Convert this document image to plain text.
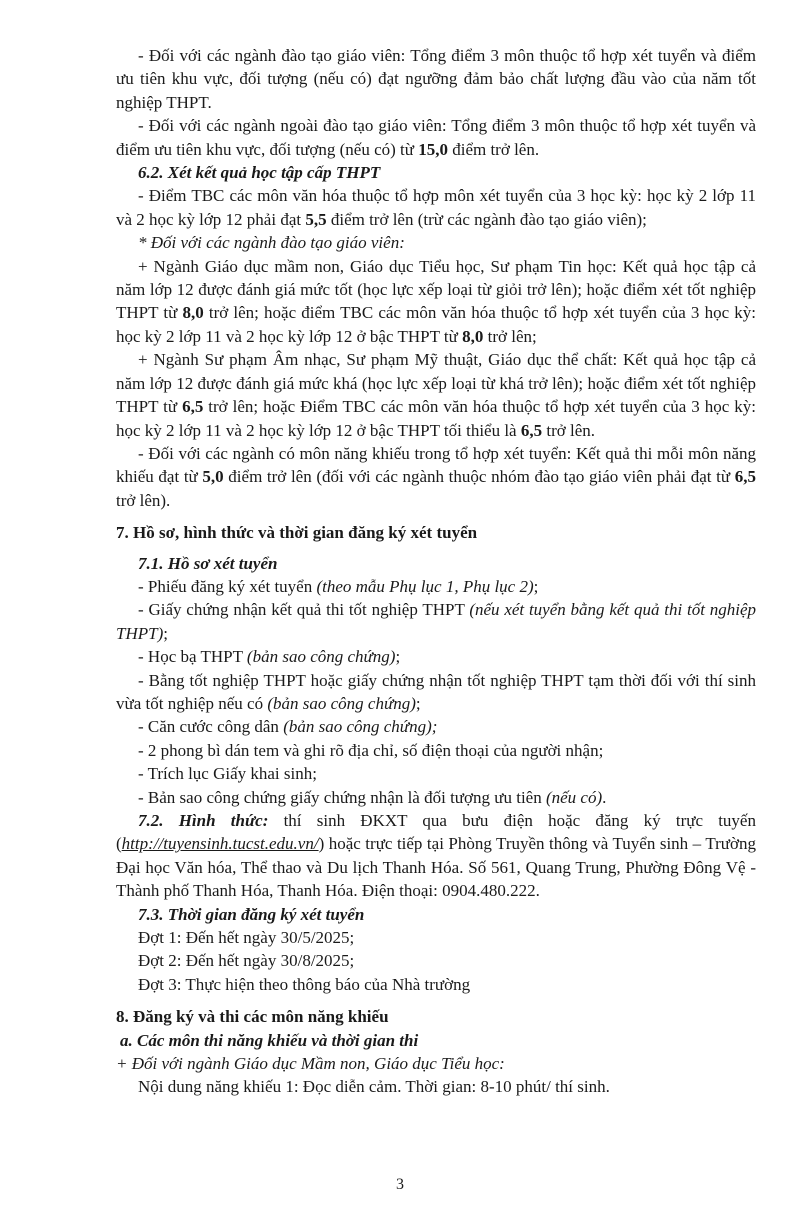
- Đối với các ngành đào tạo giáo viên: Tổng điểm 3 môn thuộc tổ hợp xét tuyển và điểm ưu tiên khu vực, đối tượng (nếu có) đạt ngưỡng đảm bảo chất lượng đầu vào của năm tốt nghiệp THPT.

- Đối với các ngành ngoài đào tạo giáo viên: Tổng điểm 3 môn thuộc tổ hợp xét tuyển và điểm ưu tiên khu vực, đối tượng (nếu có) từ 15,0 điểm trở lên.

6.2. Xét kết quả học tập cấp THPT

- Điểm TBC các môn văn hóa thuộc tổ hợp môn xét tuyển của 3 học kỳ: học kỳ 2 lớp 11 và 2 học kỳ lớp 12 phải đạt 5,5 điểm trở lên (trừ các ngành đào tạo giáo viên);

* Đối với các ngành đào tạo giáo viên:

+ Ngành Giáo dục mầm non, Giáo dục Tiểu học, Sư phạm Tin học: Kết quả học tập cả năm lớp 12 được đánh giá mức tốt (học lực xếp loại từ giỏi trở lên); hoặc điểm xét tốt nghiệp THPT từ 8,0 trở lên; hoặc điểm TBC các môn văn hóa thuộc tổ hợp xét tuyển của 3 học kỳ: học kỳ 2 lớp 11 và 2 học kỳ lớp 12 ở bậc THPT từ 8,0 trở lên;

+ Ngành Sư phạm Âm nhạc, Sư phạm Mỹ thuật, Giáo dục thể chất: Kết quả học tập cả năm lớp 12 được đánh giá mức khá (học lực xếp loại từ khá trở lên); hoặc điểm xét tốt nghiệp THPT từ 6,5 trở lên; hoặc Điểm TBC các môn văn hóa thuộc tổ hợp xét tuyển của 3 học kỳ: học kỳ 2 lớp 11 và 2 học kỳ lớp 12 ở bậc THPT tối thiểu là 6,5 trở lên.

- Đối với các ngành có môn năng khiếu trong tổ hợp xét tuyển: Kết quả thi mỗi môn năng khiếu đạt từ 5,0 điểm trở lên (đối với các ngành thuộc nhóm đào tạo giáo viên phải đạt từ 6,5 trở lên).

7. Hồ sơ, hình thức và thời gian đăng ký xét tuyển

7.1. Hồ sơ xét tuyển

- Phiếu đăng ký xét tuyển (theo mẫu Phụ lục 1, Phụ lục 2);

- Giấy chứng nhận kết quả thi tốt nghiệp THPT (nếu xét tuyển bằng kết quả thi tốt nghiệp THPT);

- Học bạ THPT (bản sao công chứng);

- Bằng tốt nghiệp THPT hoặc giấy chứng nhận tốt nghiệp THPT tạm thời đối với thí sinh vừa tốt nghiệp nếu có (bản sao công chứng);

- Căn cước công dân (bản sao công chứng);

- 2 phong bì dán tem và ghi rõ địa chỉ, số điện thoại của người nhận;

- Trích lục Giấy khai sinh;

- Bản sao công chứng giấy chứng nhận là đối tượng ưu tiên (nếu có).

7.2. Hình thức: thí sinh ĐKXT qua bưu điện hoặc đăng ký trực tuyến (http://tuyensinh.tucst.edu.vn/) hoặc trực tiếp tại Phòng Truyền thông và Tuyển sinh – Trường Đại học Văn hóa, Thể thao và Du lịch Thanh Hóa. Số 561, Quang Trung, Phường Đông Vệ - Thành phố Thanh Hóa, Thanh Hóa. Điện thoại: 0904.480.222.

7.3. Thời gian đăng ký xét tuyển

Đợt 1: Đến hết ngày 30/5/2025;

Đợt 2: Đến hết ngày 30/8/2025;

Đợt 3: Thực hiện theo thông báo của Nhà trường

8. Đăng ký và thi các môn năng khiếu

a. Các môn thi năng khiếu và thời gian thi

+ Đối với ngành Giáo dục Mầm non, Giáo dục Tiểu học:

Nội dung năng khiếu 1: Đọc diễn cảm. Thời gian: 8-10 phút/ thí sinh.

3
